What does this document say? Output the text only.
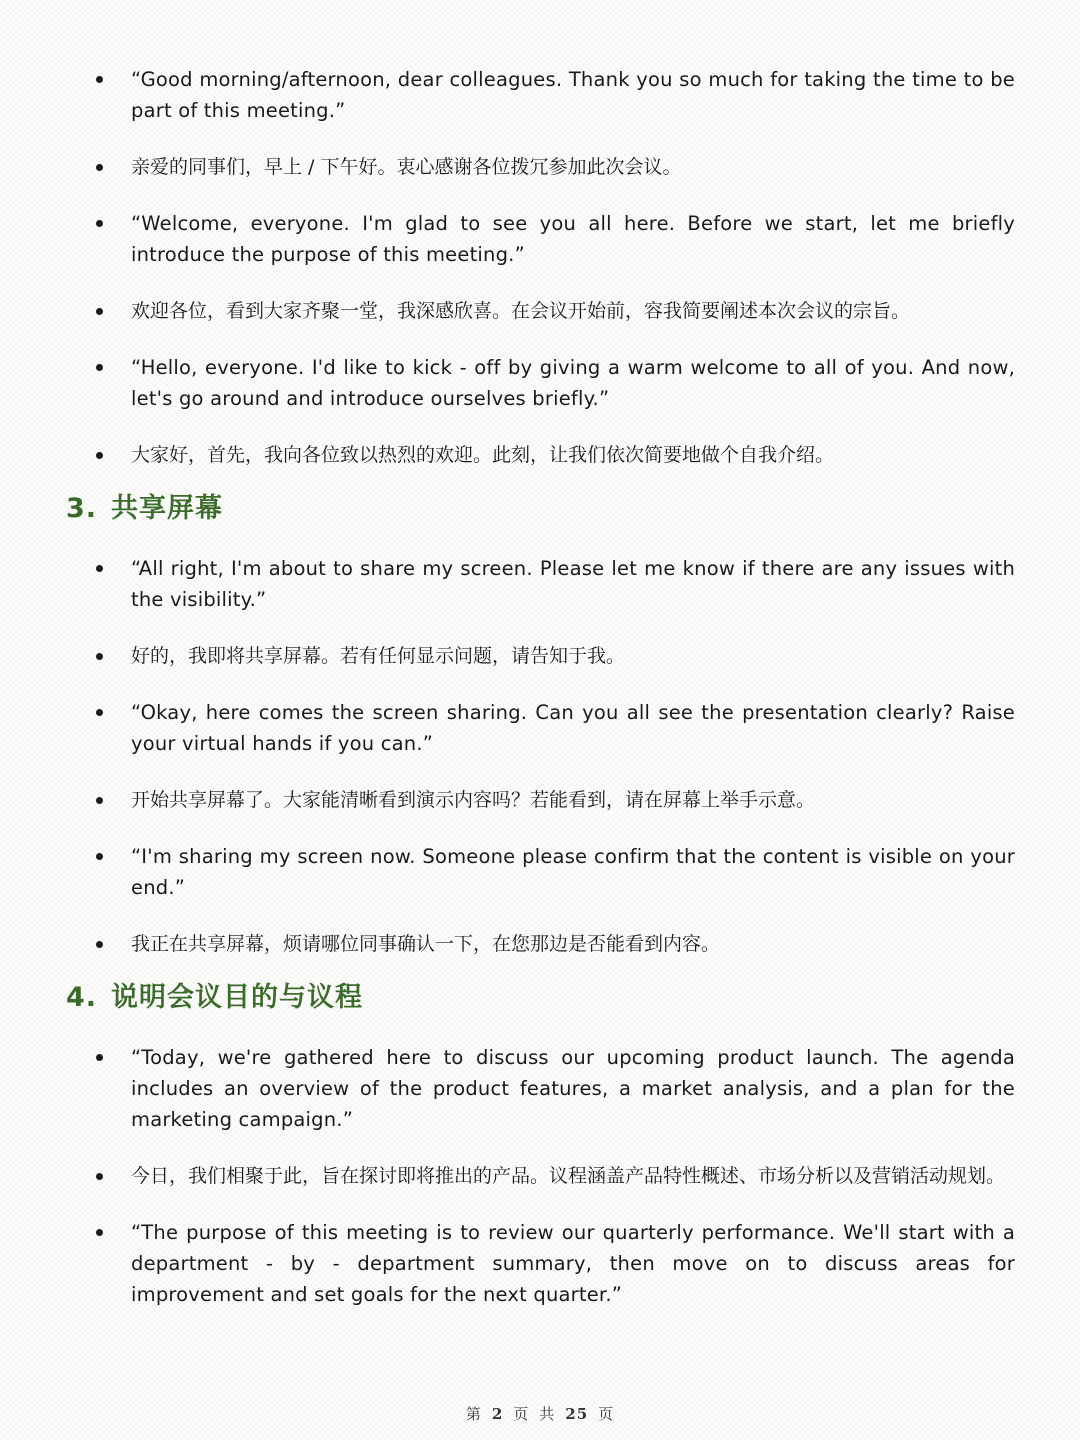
“Good morning/afternoon, dear colleagues. Thank you so much for taking the time to be part of this meeting.”
亲爱的同事们，早上 / 下午好。衷心感谢各位拨冗参加此次会议。
“Welcome, everyone. I'm glad to see you all here. Before we start, let me briefly introduce the purpose of this meeting.”
欢迎各位，看到大家齐聚一堂，我深感欣喜。在会议开始前，容我简要阐述本次会议的宗旨。
“Hello, everyone. I'd like to kick - off by giving a warm welcome to all of you. And now, let's go around and introduce ourselves briefly.”
大家好，首先，我向各位致以热烈的欢迎。此刻，让我们依次简要地做个自我介绍。
3. 共享屏幕
“All right, I'm about to share my screen. Please let me know if there are any issues with the visibility.”
好的，我即将共享屏幕。若有任何显示问题，请告知于我。
“Okay, here comes the screen sharing. Can you all see the presentation clearly? Raise your virtual hands if you can.”
开始共享屏幕了。大家能清晰看到演示内容吗？若能看到，请在屏幕上举手示意。
“I'm sharing my screen now. Someone please confirm that the content is visible on your end.”
我正在共享屏幕，烦请哪位同事确认一下，在您那边是否能看到内容。
4. 说明会议目的与议程
“Today, we're gathered here to discuss our upcoming product launch. The agenda includes an overview of the product features, a market analysis, and a plan for the marketing campaign.”
今日，我们相聚于此，旨在探讨即将推出的产品。议程涵盖产品特性概述、市场分析以及营销活动规划。
“The purpose of this meeting is to review our quarterly performance. We'll start with a department - by - department summary, then move on to discuss areas for improvement and set goals for the next quarter.”
第 2 页 共 25 页
